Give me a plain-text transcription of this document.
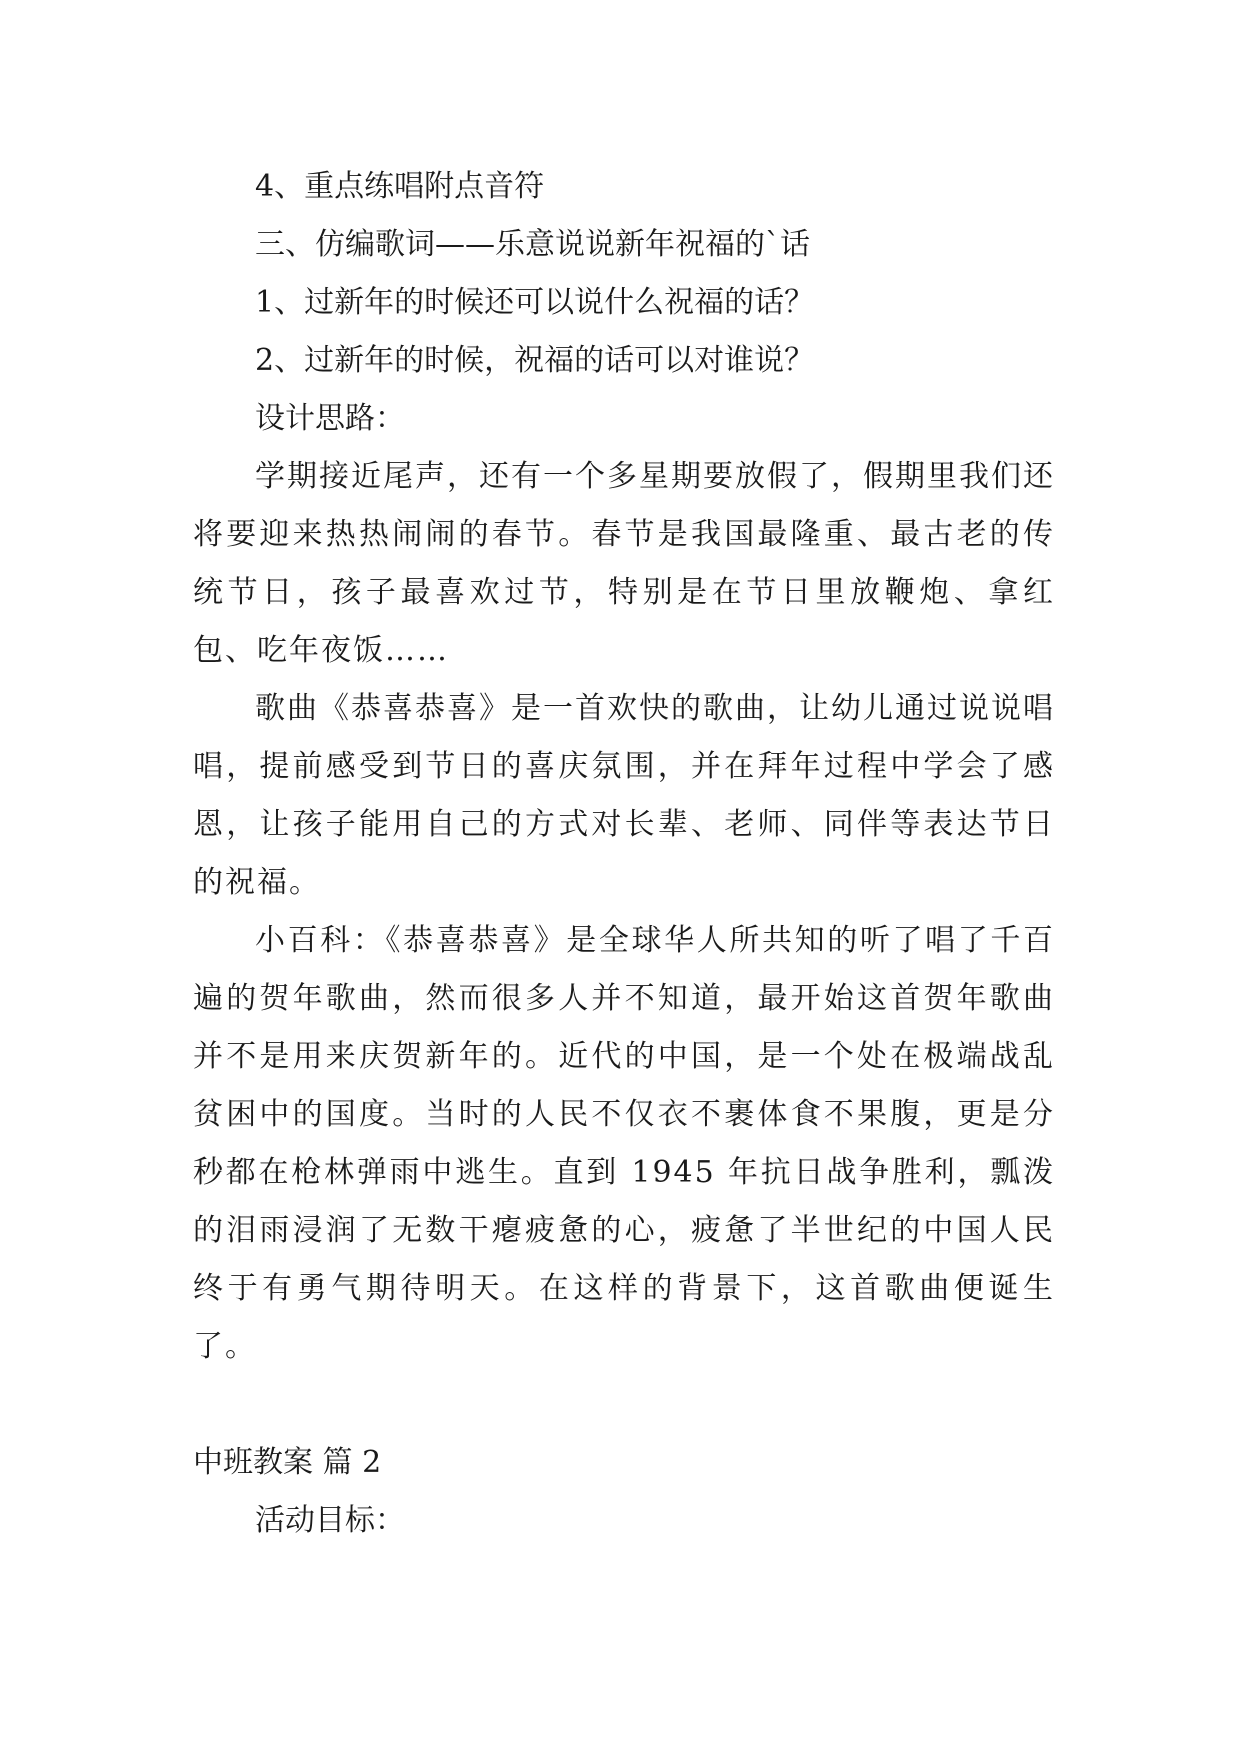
4、重点练唱附点音符

三、仿编歌词——乐意说说新年祝福的`话

1、过新年的时候还可以说什么祝福的话？

2、过新年的时候，祝福的话可以对谁说？

设计思路：

学期接近尾声，还有一个多星期要放假了，假期里我们还将要迎来热热闹闹的春节。春节是我国最隆重、最古老的传统节日，孩子最喜欢过节，特别是在节日里放鞭炮、拿红包、吃年夜饭……

歌曲《恭喜恭喜》是一首欢快的歌曲，让幼儿通过说说唱唱，提前感受到节日的喜庆氛围，并在拜年过程中学会了感恩，让孩子能用自己的方式对长辈、老师、同伴等表达节日的祝福。

小百科：《恭喜恭喜》是全球华人所共知的听了唱了千百遍的贺年歌曲，然而很多人并不知道，最开始这首贺年歌曲并不是用来庆贺新年的。近代的中国，是一个处在极端战乱贫困中的国度。当时的人民不仅衣不裹体食不果腹，更是分秒都在枪林弹雨中逃生。直到 1945 年抗日战争胜利，瓢泼的泪雨浸润了无数干瘪疲惫的心，疲惫了半世纪的中国人民终于有勇气期待明天。在这样的背景下，这首歌曲便诞生了。

中班教案 篇 2

活动目标：
